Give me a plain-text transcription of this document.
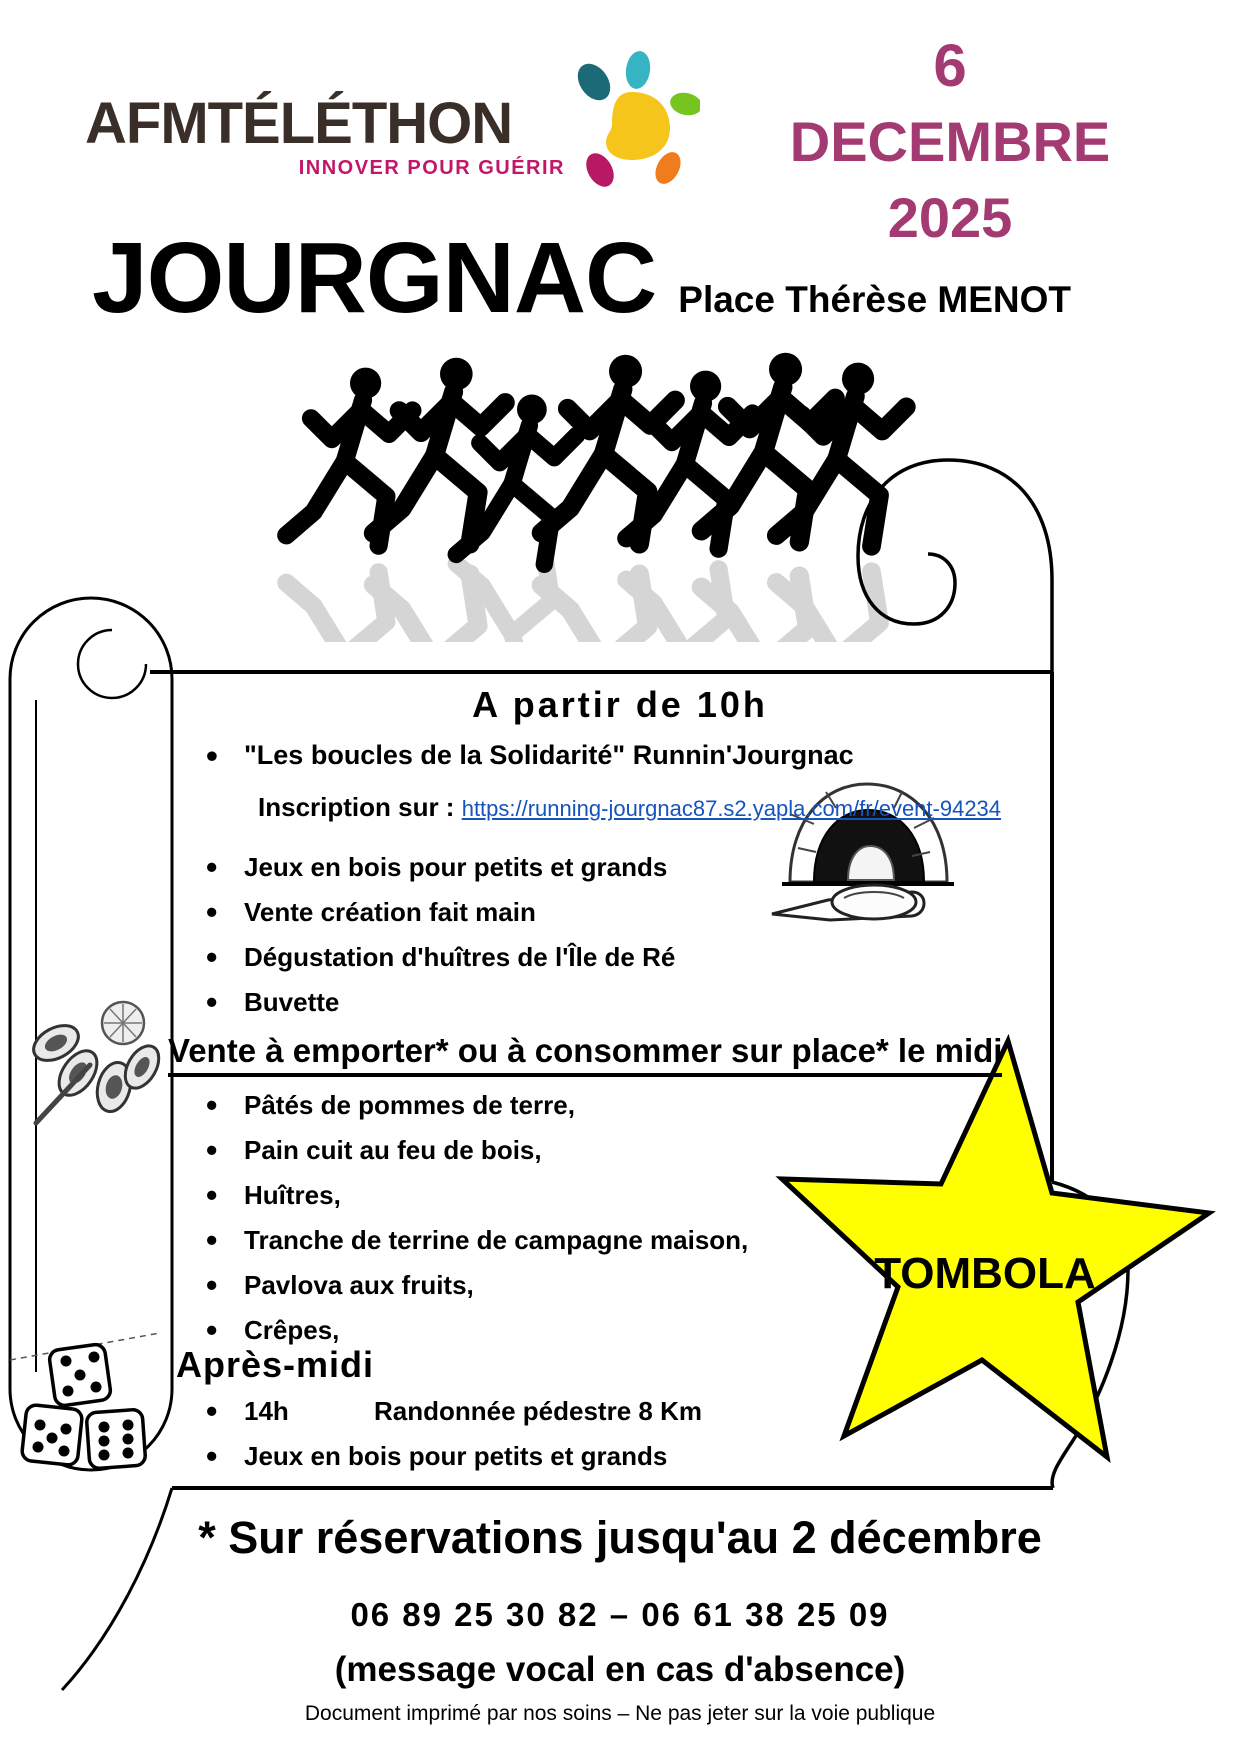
AFMTÉLÉTHON
INNOVER POUR GUÉRIR
6
DECEMBRE
2025
JOURGNAC Place Thérèse MENOT
TOMBOLA
A partir de 10h
• "Les boucles de la Solidarité" Runnin'Jourgnac
Inscription sur : https://running-jourgnac87.s2.yapla.com/fr/event-94234
• Jeux en bois pour petits et grands
• Vente création fait main
• Dégustation d'huîtres de l'Île de Ré
• Buvette
Vente à emporter* ou à consommer sur place* le midi
• Pâtés de pommes de terre,
• Pain cuit au feu de bois,
• Huîtres,
• Tranche de terrine de campagne maison,
• Pavlova aux fruits,
• Crêpes,
Après-midi
• 14h	Randonnée pédestre 8 Km
• Jeux en bois pour petits et grands
* Sur réservations jusqu'au 2 décembre
06 89 25 30 82 – 06 61 38 25 09
(message vocal en cas d'absence)
Document imprimé par nos soins – Ne pas jeter sur la voie publique
